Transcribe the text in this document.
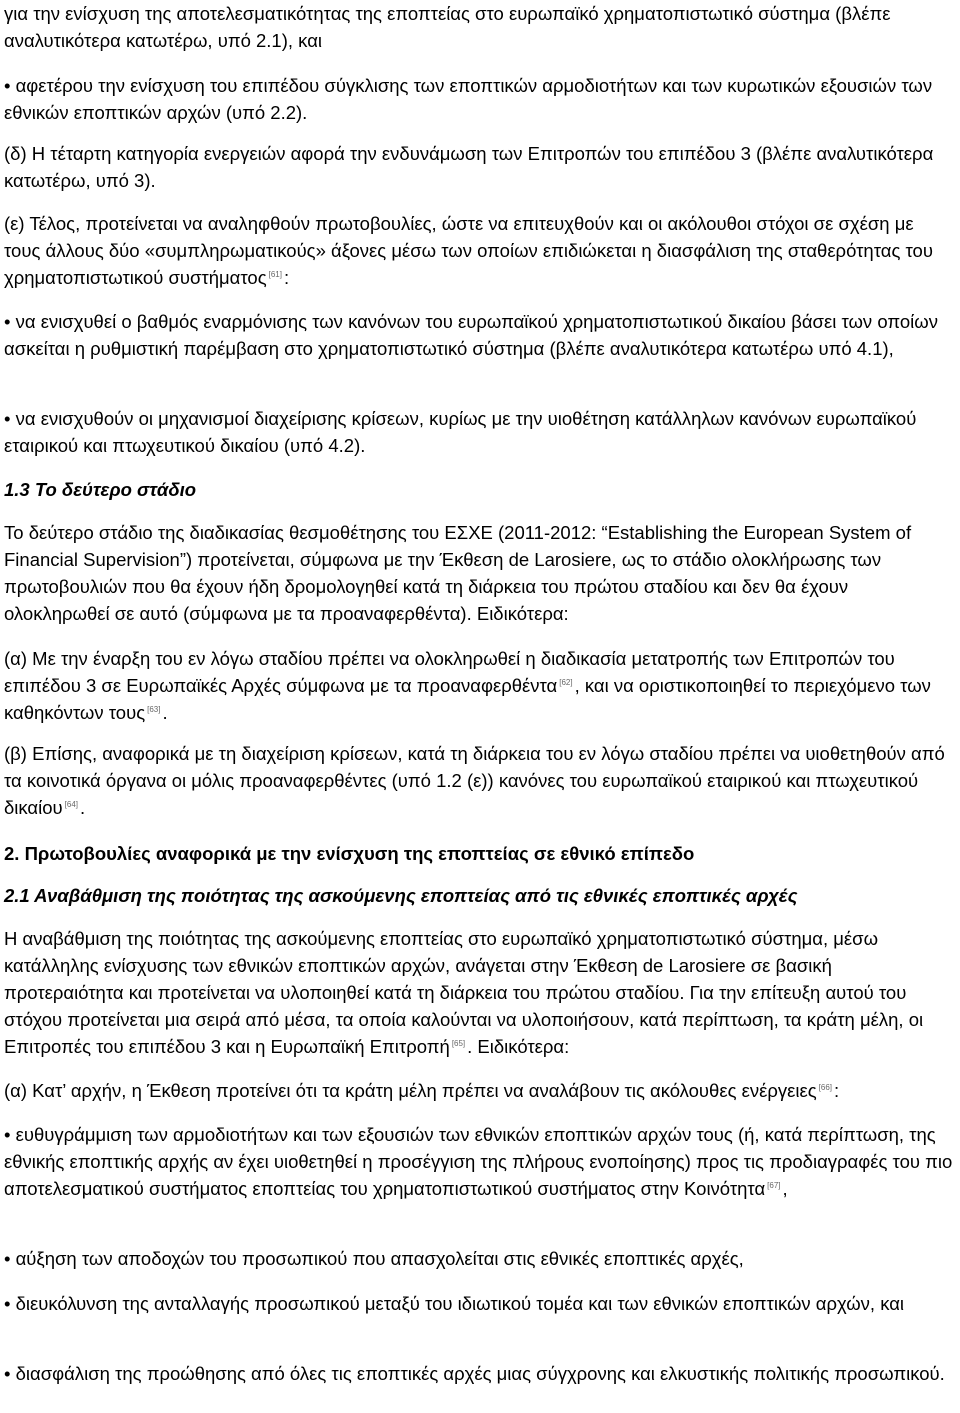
για την ενίσχυση της αποτελεσματικότητας της εποπτείας στο ευρωπαϊκό χρηματοπιστωτικό σύστημα (βλέπε αναλυτικότερα κατωτέρω, υπό 2.1), και

• αφετέρου την ενίσχυση του επιπέδου σύγκλισης των εποπτικών αρμοδιοτήτων και των κυρωτικών εξουσιών των εθνικών εποπτικών αρχών (υπό 2.2).

(δ) Η τέταρτη κατηγορία ενεργειών αφορά την ενδυνάμωση των Επιτροπών του επιπέδου 3 (βλέπε αναλυτικότερα κατωτέρω, υπό 3).

(ε) Τέλος, προτείνεται να αναληφθούν πρωτοβουλίες, ώστε να επιτευχθούν και οι ακόλουθοι στόχοι σε σχέση με τους άλλους δύο «συμπληρωματικούς» άξονες μέσω των οποίων επιδιώκεται η διασφάλιση της σταθερότητας του χρηματοπιστωτικού συστήματος [61] :

• να ενισχυθεί ο βαθμός εναρμόνισης των κανόνων του ευρωπαϊκού χρηματοπιστωτικού δικαίου βάσει των οποίων ασκείται η ρυθμιστική παρέμβαση στο χρηματοπιστωτικό σύστημα (βλέπε αναλυτικότερα κατωτέρω υπό 4.1),

• να ενισχυθούν οι μηχανισμοί διαχείρισης κρίσεων, κυρίως με την υιοθέτηση κατάλληλων κανόνων ευρωπαϊκού εταιρικού και πτωχευτικού δικαίου (υπό 4.2).

1.3 Το δεύτερο στάδιο

Το δεύτερο στάδιο της διαδικασίας θεσμοθέτησης του ΕΣΧΕ (2011-2012: “Establishing the European System of Financial Supervision”) προτείνεται, σύμφωνα με την Έκθεση de Larosiere, ως το στάδιο ολοκλήρωσης των πρωτοβουλιών που θα έχουν ήδη δρομολογηθεί κατά τη διάρκεια του πρώτου σταδίου και δεν θα έχουν ολοκληρωθεί σε αυτό (σύμφωνα με τα προαναφερθέντα). Ειδικότερα:

(α) Με την έναρξη του εν λόγω σταδίου πρέπει να ολοκληρωθεί η διαδικασία μετατροπής των Επιτροπών του επιπέδου 3 σε Ευρωπαϊκές Αρχές σύμφωνα με τα προαναφερθέντα [62] , και να οριστικοποιηθεί το περιεχόμενο των καθηκόντων τους [63] .

(β) Επίσης, αναφορικά με τη διαχείριση κρίσεων, κατά τη διάρκεια του εν λόγω σταδίου πρέπει να υιοθετηθούν από τα κοινοτικά όργανα οι μόλις προαναφερθέντες (υπό 1.2 (ε)) κανόνες του ευρωπαϊκού εταιρικού και πτωχευτικού δικαίου [64] .

2. Πρωτοβουλίες αναφορικά με την ενίσχυση της εποπτείας σε εθνικό επίπεδο

2.1 Αναβάθμιση της ποιότητας της ασκούμενης εποπτείας από τις εθνικές εποπτικές αρχές

Η αναβάθμιση της ποιότητας της ασκούμενης εποπτείας στο ευρωπαϊκό χρηματοπιστωτικό σύστημα, μέσω κατάλληλης ενίσχυσης των εθνικών εποπτικών αρχών, ανάγεται στην Έκθεση de Larosiere σε βασική προτεραιότητα και προτείνεται να υλοποιηθεί κατά τη διάρκεια του πρώτου σταδίου. Για την επίτευξη αυτού του στόχου προτείνεται μια σειρά από μέσα, τα οποία καλούνται να υλοποιήσουν, κατά περίπτωση, τα κράτη μέλη, οι Επιτροπές του επιπέδου 3 και η Ευρωπαϊκή Επιτροπή [65] . Ειδικότερα:

(α) Κατ’ αρχήν, η Έκθεση προτείνει ότι τα κράτη μέλη πρέπει να αναλάβουν τις ακόλουθες ενέργειες [66] :

• ευθυγράμμιση των αρμοδιοτήτων και των εξουσιών των εθνικών εποπτικών αρχών τους (ή, κατά περίπτωση, της εθνικής εποπτικής αρχής αν έχει υιοθετηθεί η προσέγγιση της πλήρους ενοποίησης) προς τις προδιαγραφές του πιο αποτελεσματικού συστήματος εποπτείας του χρηματοπιστωτικού συστήματος στην Κοινότητα [67] ,

• αύξηση των αποδοχών του προσωπικού που απασχολείται στις εθνικές εποπτικές αρχές,

• διευκόλυνση της ανταλλαγής προσωπικού μεταξύ του ιδιωτικού τομέα και των εθνικών εποπτικών αρχών, και

• διασφάλιση της προώθησης από όλες τις εποπτικές αρχές μιας σύγχρονης και ελκυστικής πολιτικής προσωπικού.
